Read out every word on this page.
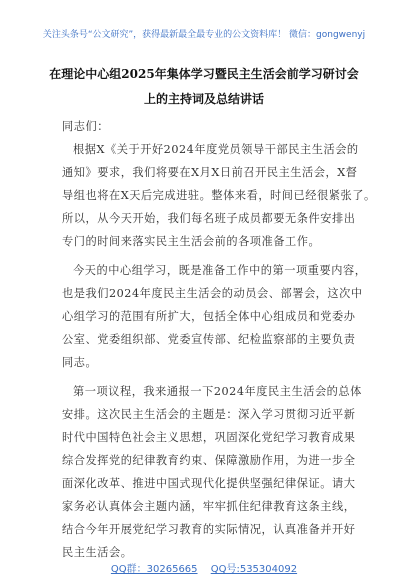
关注头条号“公文研究”，获得最新最全最专业的公文资料库！ 微信：gongwenyj
在理论中心组2025年集体学习暨民主生活会前学习研讨会
上的主持词及总结讲话
同志们：
根据X《关于开好2024年度党员领导干部民主生活会的
通知》要求，我们将要在X月X日前召开民主生活会，X督
导组也将在X天后完成进驻。整体来看，时间已经很紧张了。
所以，从今天开始，我们每名班子成员都要无条件安排出
专门的时间来落实民主生活会前的各项准备工作。
今天的中心组学习，既是准备工作中的第一项重要内容，
也是我们2024年度民主生活会的动员会、部署会，这次中
心组学习的范围有所扩大，包括全体中心组成员和党委办
公室、党委组织部、党委宣传部、纪检监察部的主要负责
同志。
第一项议程，我来通报一下2024年度民主生活会的总体
安排。这次民主生活会的主题是：深入学习贯彻习近平新
时代中国特色社会主义思想，巩固深化党纪学习教育成果
综合发挥党的纪律教育约束、保障激励作用，为进一步全
面深化改革、推进中国式现代化提供坚强纪律保证。请大
家务必认真体会主题内涵，牢牢抓住纪律教育这条主线，
结合今年开展党纪学习教育的实际情况，认真准备并开好
民主生活会。
QQ群：30265665 QQ号:535304092
